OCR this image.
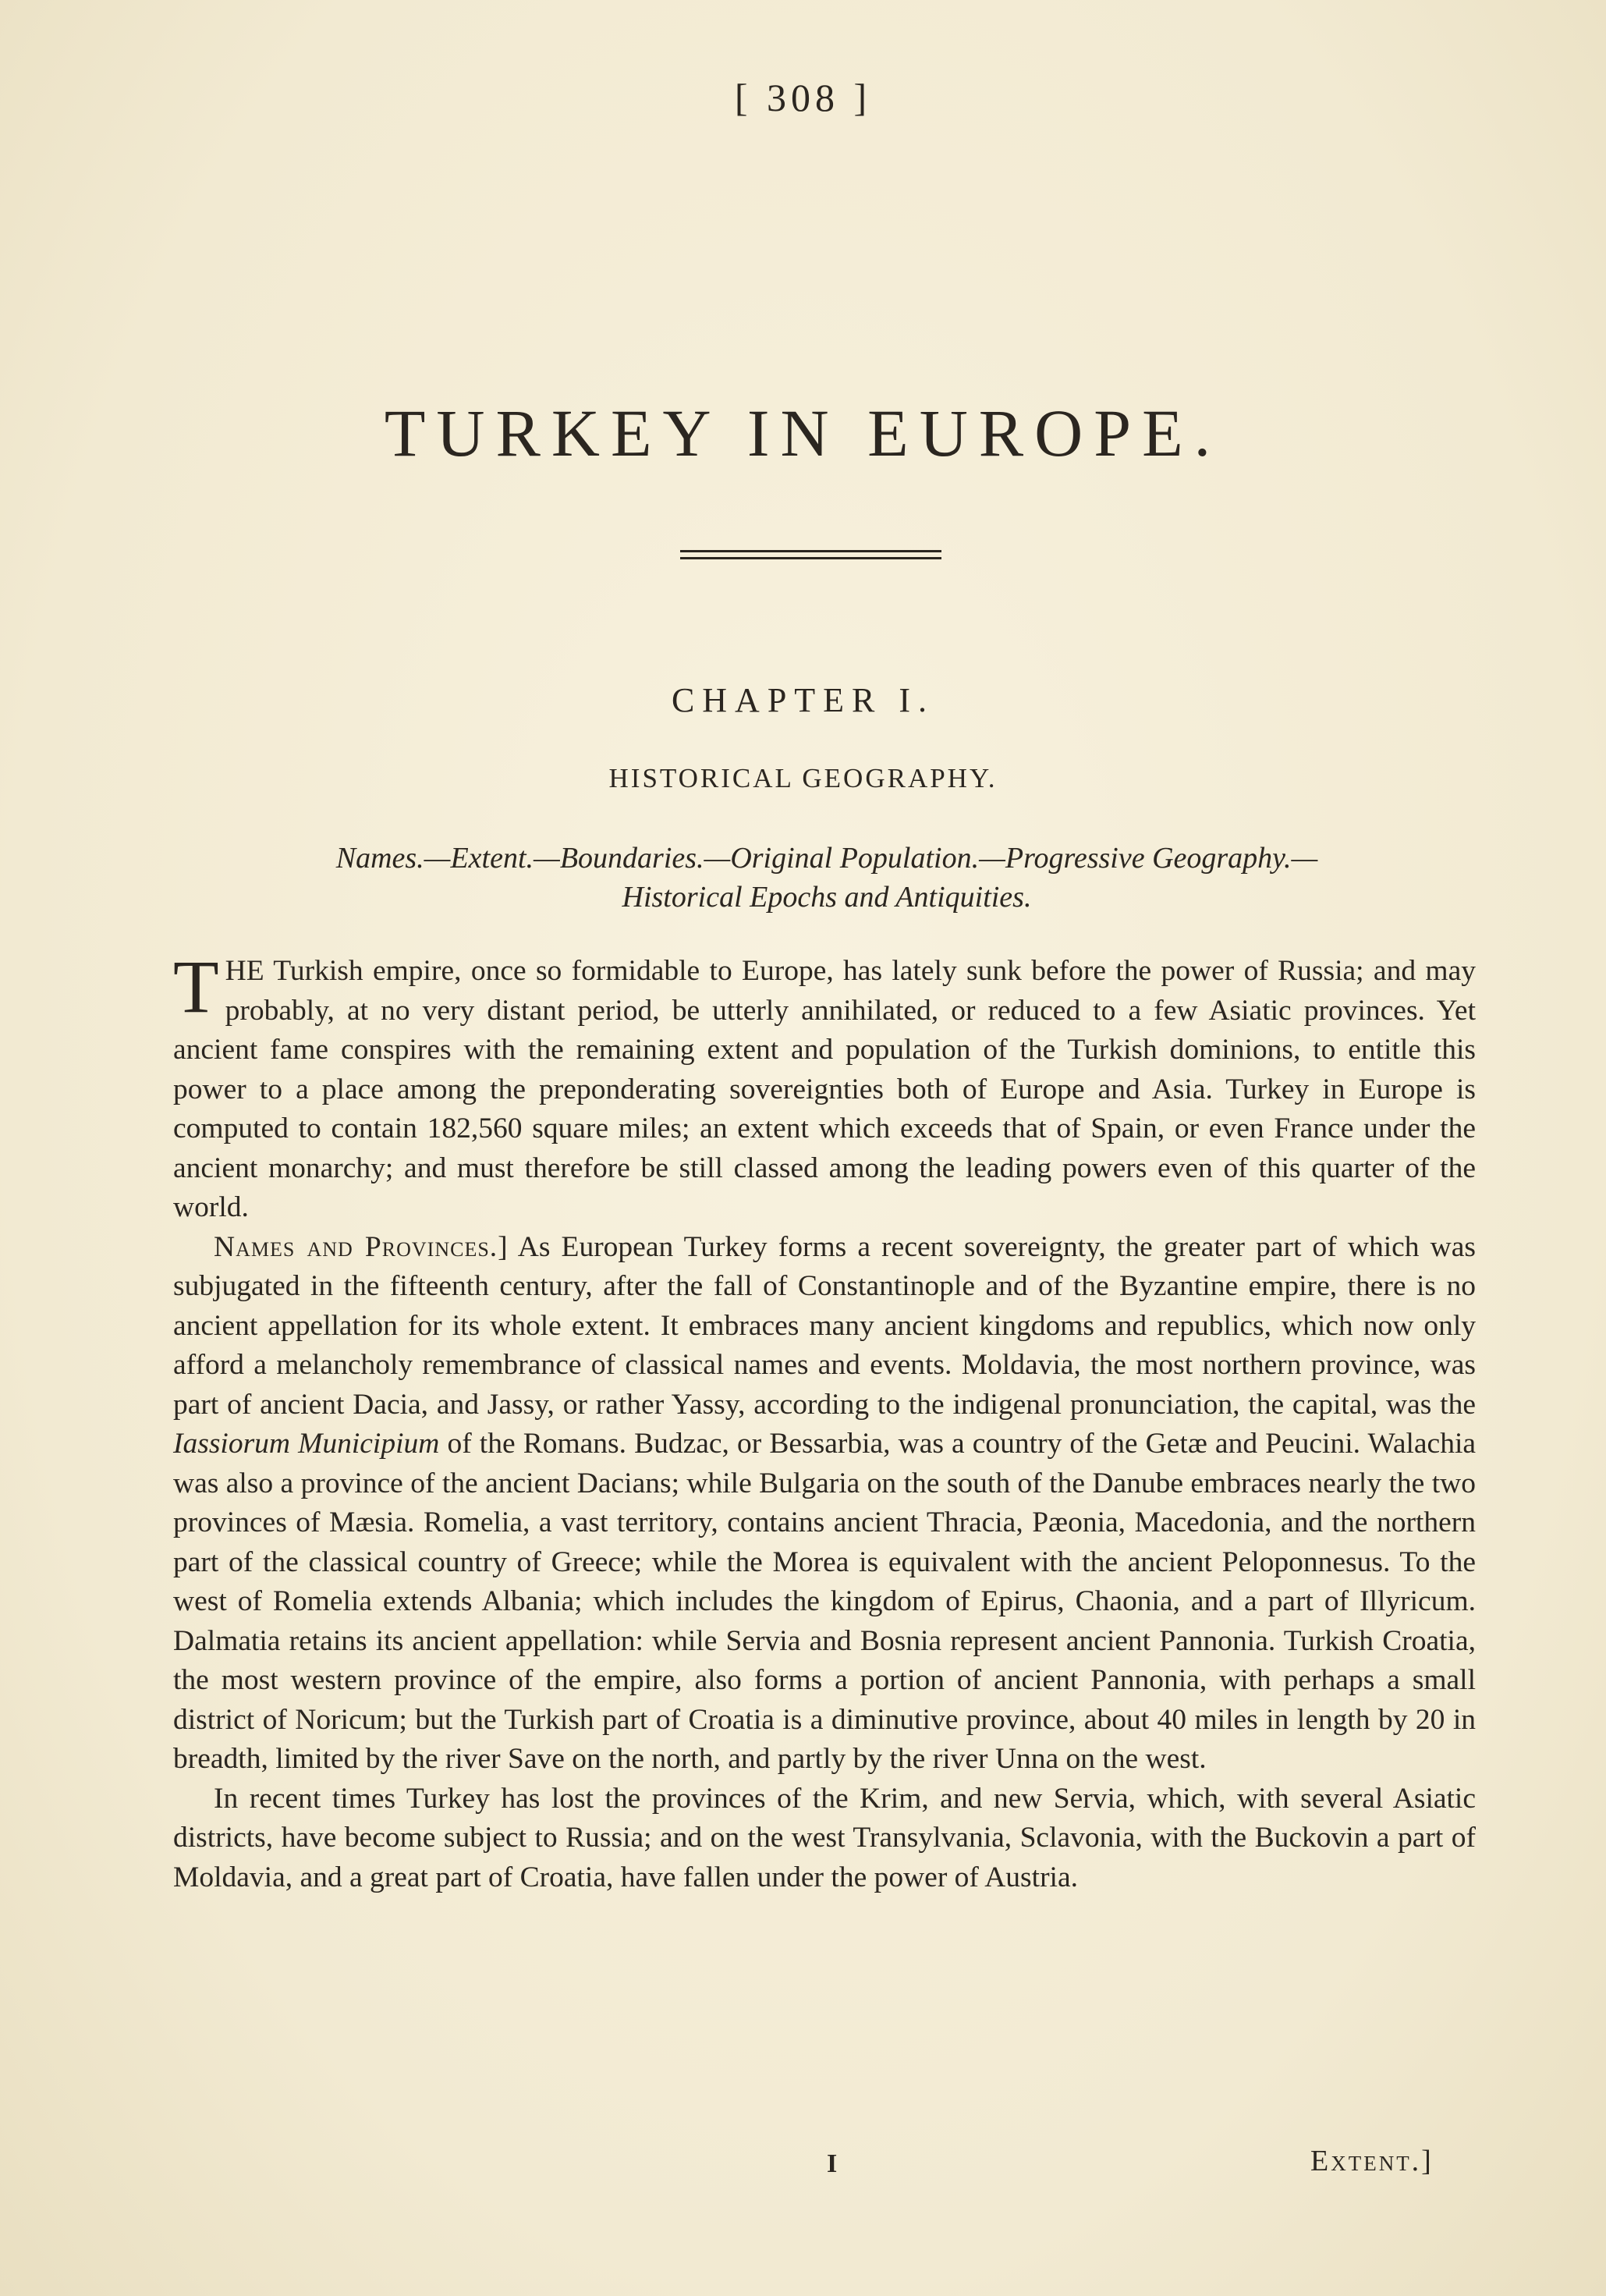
[ 308 ]
TURKEY IN EUROPE.
CHAPTER I.
HISTORICAL GEOGRAPHY.
Names.—Extent.—Boundaries.—Original Population.—Progressive Geography.—
Historical Epochs and Antiquities.

THE Turkish empire, once so formidable to Europe, has lately sunk before the power of Russia; and may probably, at no very distant period, be utterly annihilated, or reduced to a few Asiatic provinces. Yet ancient fame conspires with the remaining extent and population of the Turkish dominions, to entitle this power to a place among the preponderating sovereignties both of Europe and Asia. Turkey in Europe is computed to contain 182,560 square miles; an extent which exceeds that of Spain, or even France under the ancient monarchy; and must therefore be still classed among the leading powers even of this quarter of the world.

Names and Provinces.] As European Turkey forms a recent sovereignty, the greater part of which was subjugated in the fifteenth century, after the fall of Constantinople and of the Byzantine empire, there is no ancient appellation for its whole extent. It embraces many ancient kingdoms and republics, which now only afford a melancholy remembrance of classical names and events. Moldavia, the most northern province, was part of ancient Dacia, and Jassy, or rather Yassy, according to the indigenal pronunciation, the capital, was the Iassiorum Municipium of the Romans. Budzac, or Bessarbia, was a country of the Getæ and Peucini. Walachia was also a province of the ancient Dacians; while Bulgaria on the south of the Danube embraces nearly the two provinces of Mæsia. Romelia, a vast territory, contains ancient Thracia, Pæonia, Macedonia, and the northern part of the classical country of Greece; while the Morea is equivalent with the ancient Peloponnesus. To the west of Romelia extends Albania; which includes the kingdom of Epirus, Chaonia, and a part of Illyricum. Dalmatia retains its ancient appellation: while Servia and Bosnia represent ancient Pannonia. Turkish Croatia, the most western province of the empire, also forms a portion of ancient Pannonia, with perhaps a small district of Noricum; but the Turkish part of Croatia is a diminutive province, about 40 miles in length by 20 in breadth, limited by the river Save on the north, and partly by the river Unna on the west.

In recent times Turkey has lost the provinces of the Krim, and new Servia, which, with several Asiatic districts, have become subject to Russia; and on the west Transylvania, Sclavonia, with the Buckovin a part of Moldavia, and a great part of Croatia, have fallen under the power of Austria.

I	Extent.]
